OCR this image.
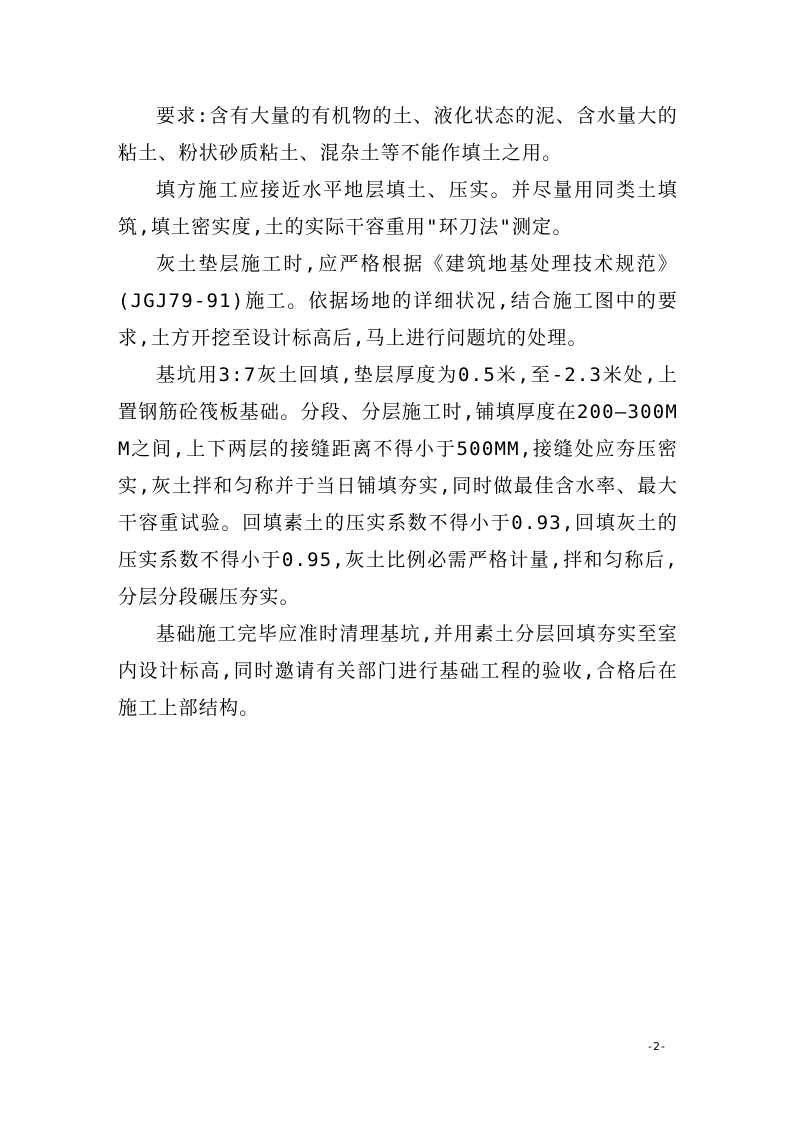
要求:含有大量的有机物的土、液化状态的泥、含水量大的粘土、粉状砂质粘土、混杂土等不能作填土之用。

填方施工应接近水平地层填土、压实。并尽量用同类土填筑,填土密实度,土的实际干容重用"环刀法"测定。

灰土垫层施工时,应严格根据《建筑地基处理技术规范》(JGJ79-91)施工。依据场地的详细状况,结合施工图中的要求,土方开挖至设计标高后,马上进行问题坑的处理。

基坑用3:7灰土回填,垫层厚度为0.5米,至-2.3米处,上置钢筋砼筏板基础。分段、分层施工时,铺填厚度在200—300MM之间,上下两层的接缝距离不得小于500MM,接缝处应夯压密实,灰土拌和匀称并于当日铺填夯实,同时做最佳含水率、最大干容重试验。回填素土的压实系数不得小于0.93,回填灰土的压实系数不得小于0.95,灰土比例必需严格计量,拌和匀称后,分层分段碾压夯实。

基础施工完毕应准时清理基坑,并用素土分层回填夯实至室内设计标高,同时邀请有关部门进行基础工程的验收,合格后在施工上部结构。

-2-
